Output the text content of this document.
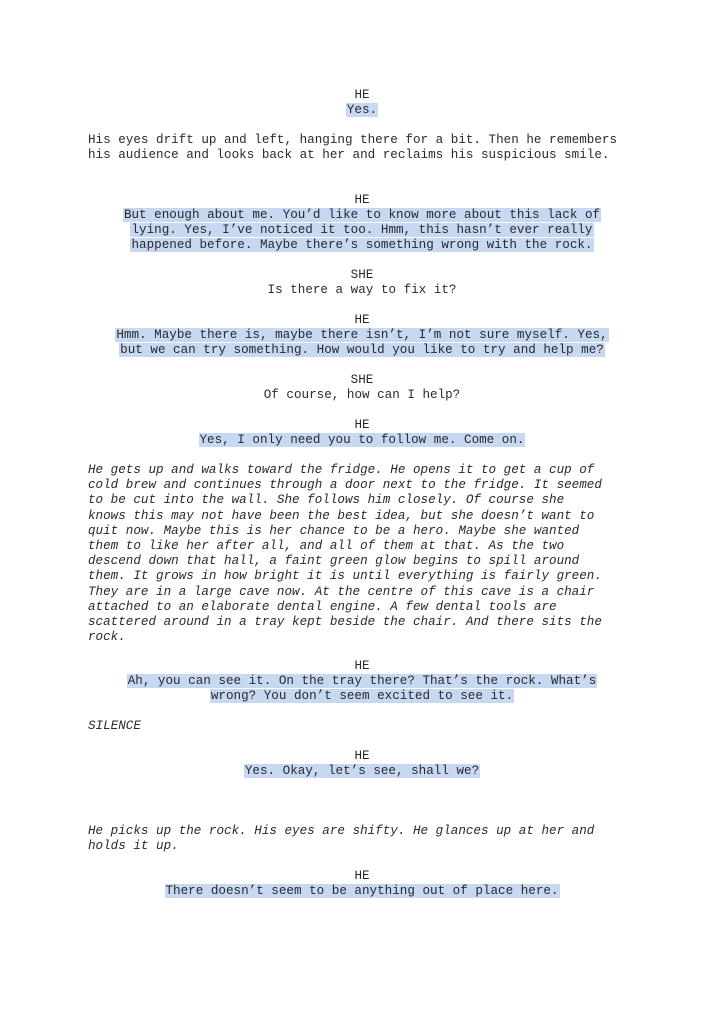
HE
Yes.
His eyes drift up and left, hanging there for a bit. Then he remembers his audience and looks back at her and reclaims his suspicious smile.
HE
But enough about me. You’d like to know more about this lack of
lying. Yes, I’ve noticed it too. Hmm, this hasn’t ever really
happened before. Maybe there’s something wrong with the rock.
SHE
Is there a way to fix it?
HE
Hmm. Maybe there is, maybe there isn’t, I’m not sure myself. Yes,
but we can try something. How would you like to try and help me?
SHE
Of course, how can I help?
HE
Yes, I only need you to follow me. Come on.
He gets up and walks toward the fridge. He opens it to get a cup of
cold brew and continues through a door next to the fridge. It seemed
to be cut into the wall. She follows him closely. Of course she
knows this may not have been the best idea, but she doesn’t want to
quit now. Maybe this is her chance to be a hero. Maybe she wanted
them to like her after all, and all of them at that. As the two
descend down that hall, a faint green glow begins to spill around
them. It grows in how bright it is until everything is fairly green.
They are in a large cave now. At the centre of this cave is a chair
attached to an elaborate dental engine. A few dental tools are
scattered around in a tray kept beside the chair. And there sits the
rock.
HE
Ah, you can see it. On the tray there? That’s the rock. What’s
wrong? You don’t seem excited to see it.
SILENCE
HE
Yes. Okay, let’s see, shall we?
He picks up the rock. His eyes are shifty. He glances up at her and
holds it up.
HE
There doesn’t seem to be anything out of place here.
